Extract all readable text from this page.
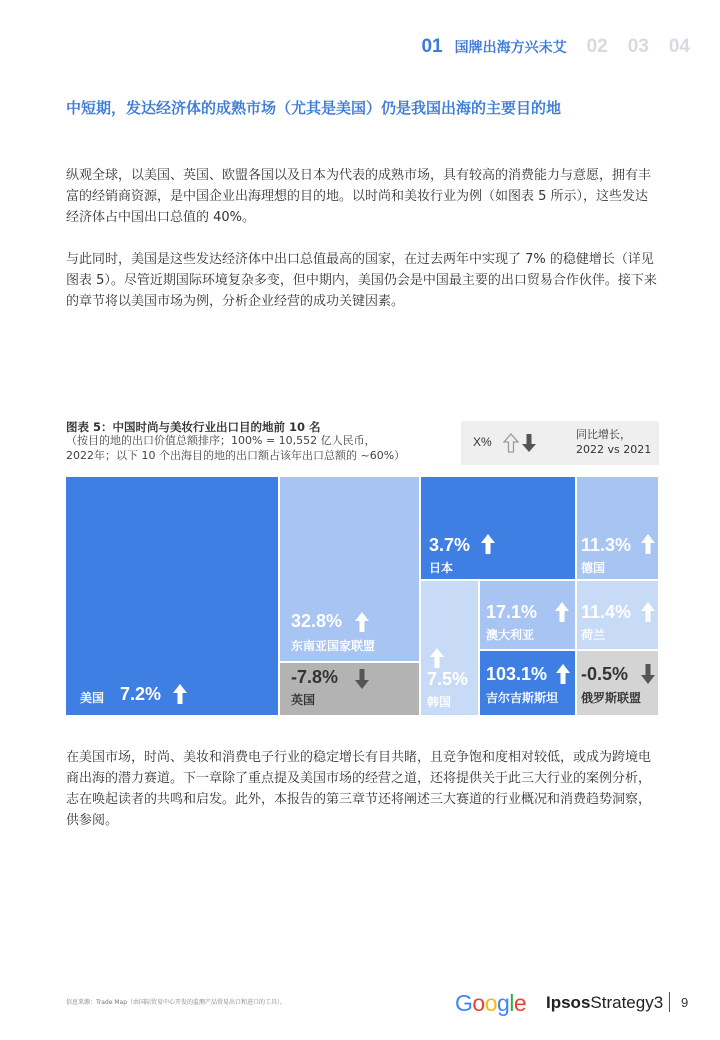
01 国牌出海方兴未艾 02 03 04
中短期，发达经济体的成熟市场（尤其是美国）仍是我国出海的主要目的地

纵观全球，以美国、英国、欧盟各国以及日本为代表的成熟市场，具有较高的消费能力与意愿，拥有丰富的经销商资源，是中国企业出海理想的目的地。以时尚和美妆行业为例（如图表 5 所示），这些发达经济体占中国出口总值的 40%。

与此同时，美国是这些发达经济体中出口总值最高的国家，在过去两年中实现了 7% 的稳健增长（详见图表 5）。尽管近期国际环境复杂多变，但中期内，美国仍会是中国最主要的出口贸易合作伙伴。接下来的章节将以美国市场为例，分析企业经营的成功关键因素。

图表 5：中国时尚与美妆行业出口目的地前 10 名
（按目的地的出口价值总额排序；100% = 10,552 亿人民币，
2022年；以下 10 个出海目的地的出口额占该年出口总额的 ~60%）
X%
同比增长，
2022 vs 2021
美国 7.2%
32.8%
东南亚国家联盟
-7.8%
英国
3.7%
日本
7.5%
韩国
17.1%
澳大利亚
103.1%
吉尔吉斯斯坦
11.3%
德国
11.4%
荷兰
-0.5%
俄罗斯联盟

在美国市场，时尚、美妆和消费电子行业的稳定增长有目共睹，且竞争饱和度相对较低，或成为跨境电商出海的潜力赛道。下一章除了重点提及美国市场的经营之道，还将提供关于此三大行业的案例分析，志在唤起读者的共鸣和启发。此外，本报告的第三章节还将阐述三大赛道的行业概况和消费趋势洞察，供参阅。

信息来源：Trade Map（由国际贸易中心开发的监测产品贸易出口和进口的工具）。	Google IpsosStrategy3 9
